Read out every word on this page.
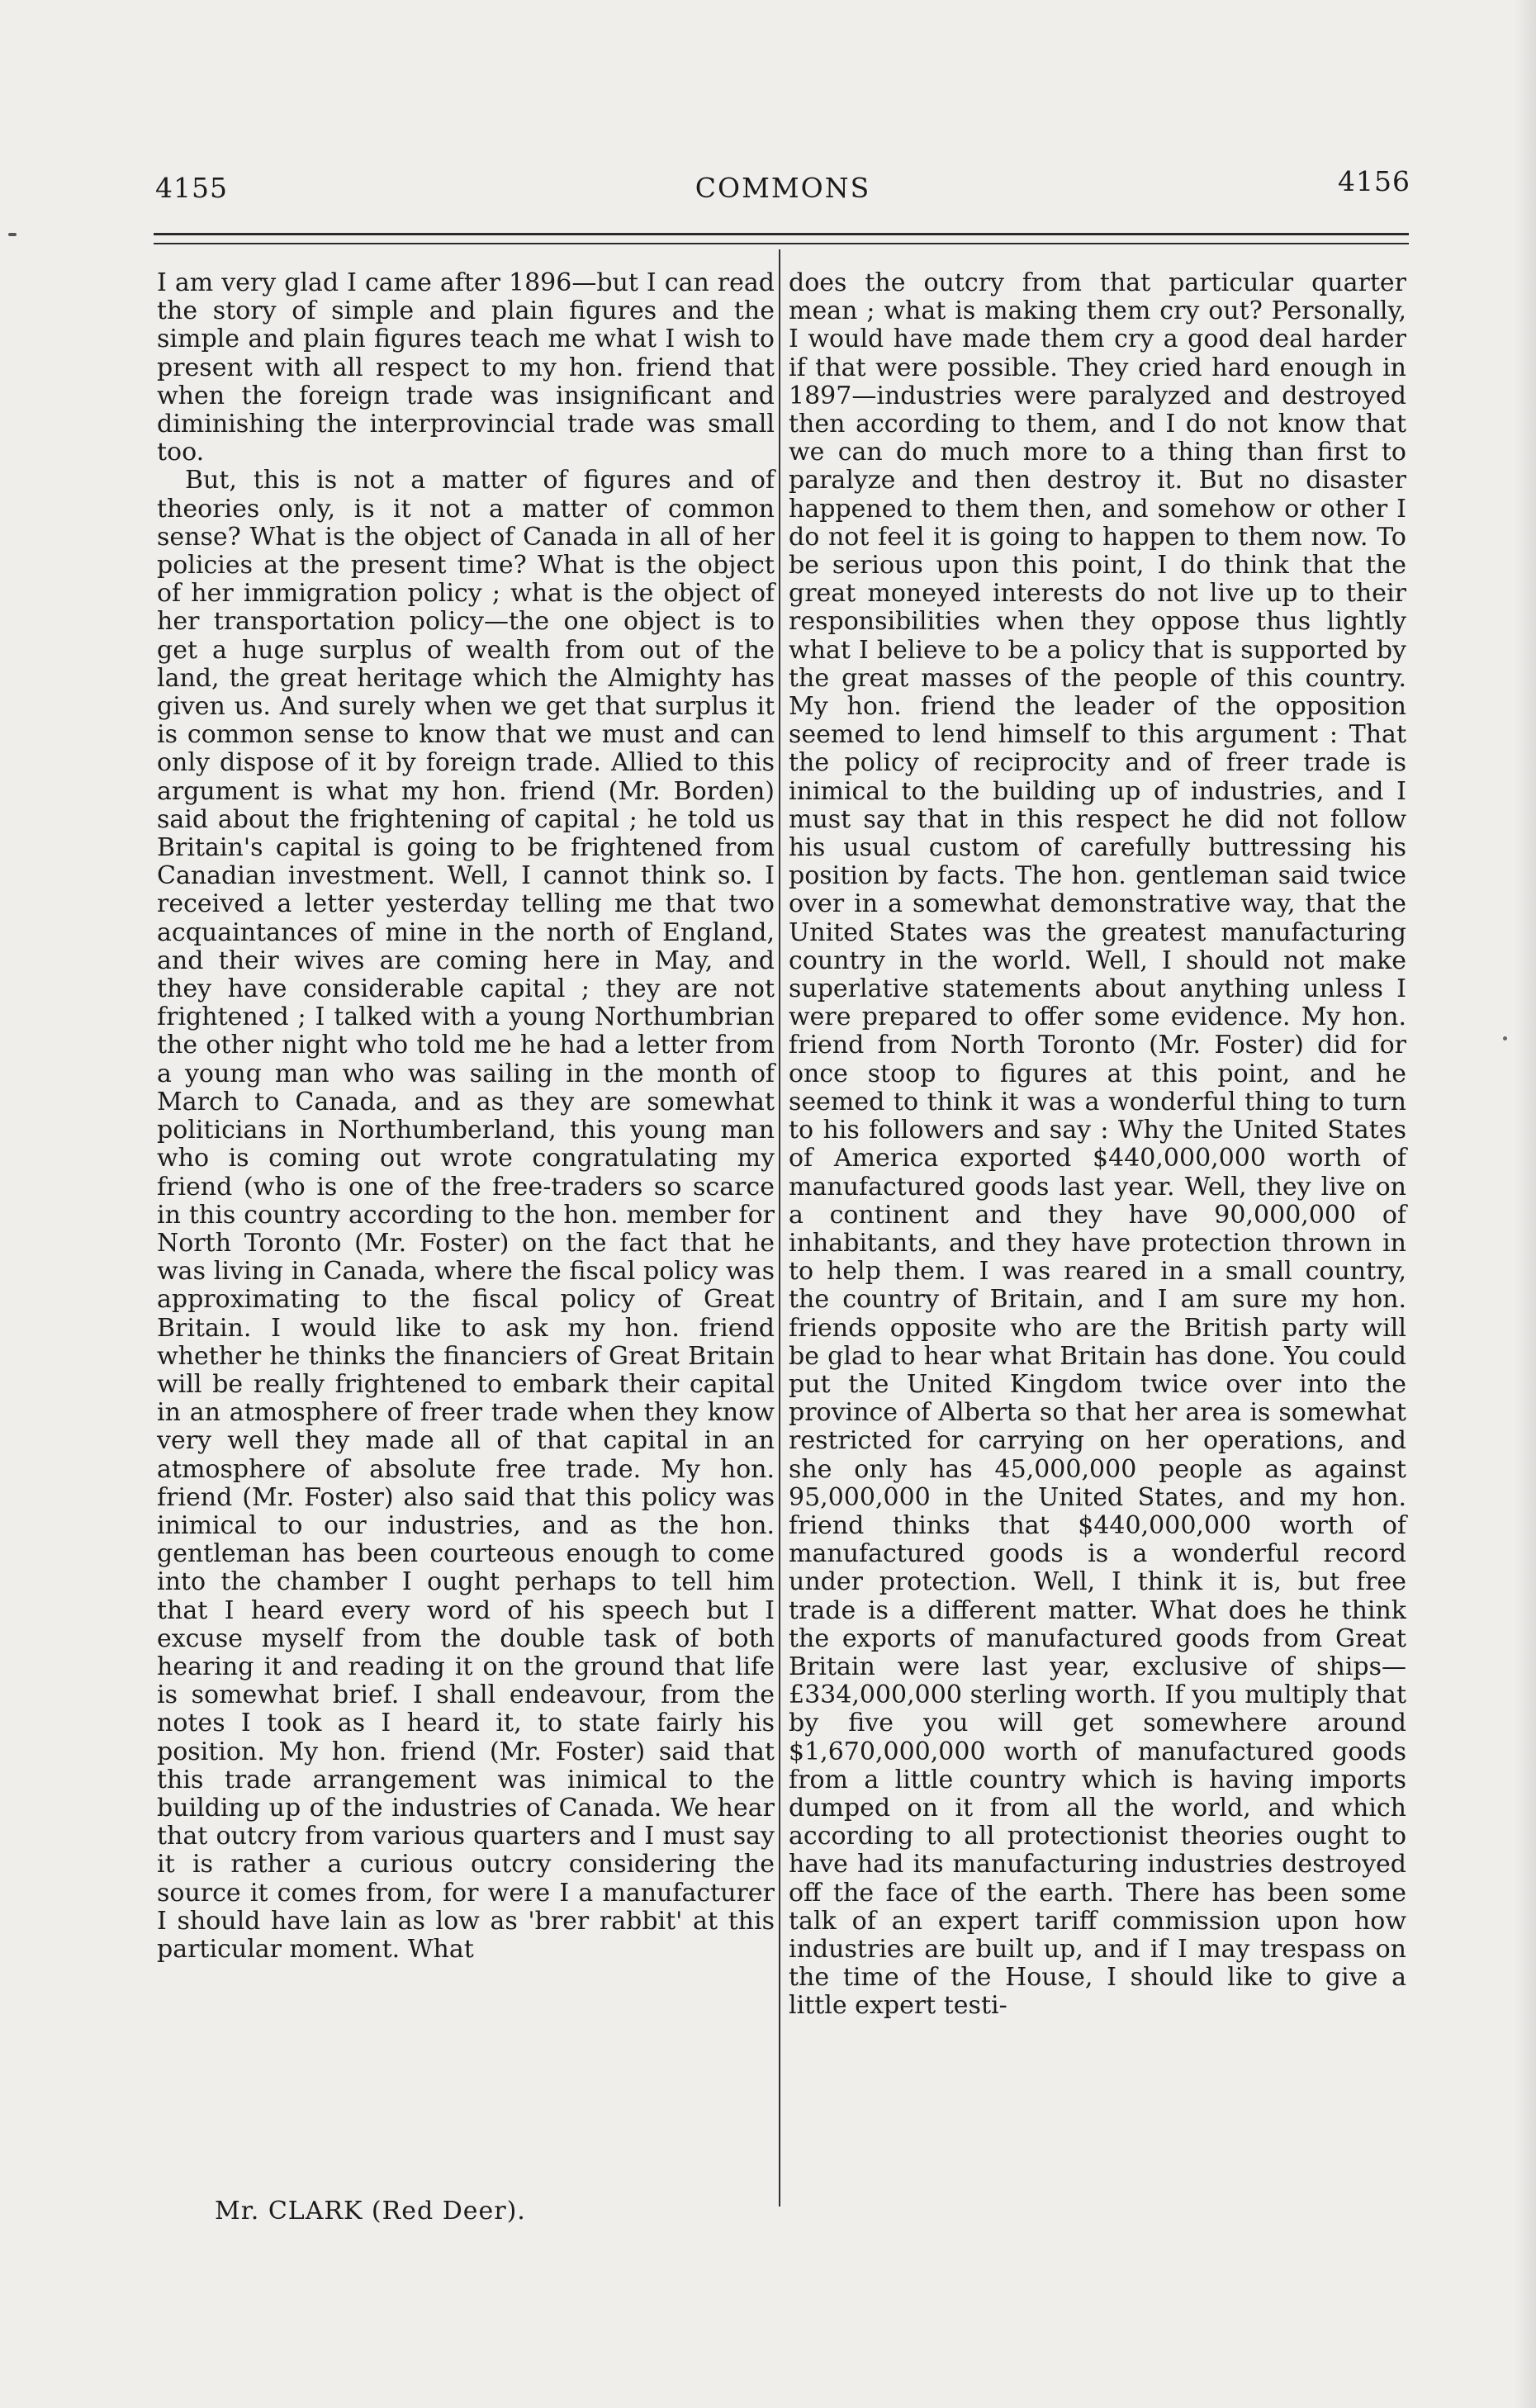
4155	COMMONS	4156

I am very glad I came after 1896—but I can read the story of simple and plain figures and the simple and plain figures teach me what I wish to present with all respect to my hon. friend that when the foreign trade was insignificant and diminishing the interprovincial trade was small too.

But, this is not a matter of figures and of theories only, is it not a matter of common sense? What is the object of Canada in all of her policies at the present time? What is the object of her immigration policy ; what is the object of her transportation policy—the one object is to get a huge surplus of wealth from out of the land, the great heritage which the Almighty has given us. And surely when we get that surplus it is common sense to know that we must and can only dispose of it by foreign trade. Allied to this argument is what my hon. friend (Mr. Borden) said about the frightening of capital ; he told us Britain's capital is going to be frightened from Canadian investment. Well, I cannot think so. I received a letter yesterday telling me that two acquaintances of mine in the north of England, and their wives are coming here in May, and they have considerable capital ; they are not frightened ; I talked with a young Northumbrian the other night who told me he had a letter from a young man who was sailing in the month of March to Canada, and as they are somewhat politicians in Northumberland, this young man who is coming out wrote congratulating my friend (who is one of the free-traders so scarce in this country according to the hon. member for North Toronto (Mr. Foster) on the fact that he was living in Canada, where the fiscal policy was approximating to the fiscal policy of Great Britain. I would like to ask my hon. friend whether he thinks the financiers of Great Britain will be really frightened to embark their capital in an atmosphere of freer trade when they know very well they made all of that capital in an atmosphere of absolute free trade. My hon. friend (Mr. Foster) also said that this policy was inimical to our industries, and as the hon. gentleman has been courteous enough to come into the chamber I ought perhaps to tell him that I heard every word of his speech but I excuse myself from the double task of both hearing it and reading it on the ground that life is somewhat brief. I shall endeavour, from the notes I took as I heard it, to state fairly his position. My hon. friend (Mr. Foster) said that this trade arrangement was inimical to the building up of the industries of Canada. We hear that outcry from various quarters and I must say it is rather a curious outcry considering the source it comes from, for were I a manufacturer I should have lain as low as 'brer rabbit' at this particular moment. What

Mr. CLARK (Red Deer).

does the outcry from that particular quarter mean ; what is making them cry out? Personally, I would have made them cry a good deal harder if that were possible. They cried hard enough in 1897—industries were paralyzed and destroyed then according to them, and I do not know that we can do much more to a thing than first to paralyze and then destroy it. But no disaster happened to them then, and somehow or other I do not feel it is going to happen to them now. To be serious upon this point, I do think that the great moneyed interests do not live up to their responsibilities when they oppose thus lightly what I believe to be a policy that is supported by the great masses of the people of this country. My hon. friend the leader of the opposition seemed to lend himself to this argument : That the policy of reciprocity and of freer trade is inimical to the building up of industries, and I must say that in this respect he did not follow his usual custom of carefully buttressing his position by facts. The hon. gentleman said twice over in a somewhat demonstrative way, that the United States was the greatest manufacturing country in the world. Well, I should not make superlative statements about anything unless I were prepared to offer some evidence. My hon. friend from North Toronto (Mr. Foster) did for once stoop to figures at this point, and he seemed to think it was a wonderful thing to turn to his followers and say : Why the United States of America exported $440,000,000 worth of manufactured goods last year. Well, they live on a continent and they have 90,000,000 of inhabitants, and they have protection thrown in to help them. I was reared in a small country, the country of Britain, and I am sure my hon. friends opposite who are the British party will be glad to hear what Britain has done. You could put the United Kingdom twice over into the province of Alberta so that her area is somewhat restricted for carrying on her operations, and she only has 45,000,000 people as against 95,000,000 in the United States, and my hon. friend thinks that $440,000,000 worth of manufactured goods is a wonderful record under protection. Well, I think it is, but free trade is a different matter. What does he think the exports of manufactured goods from Great Britain were last year, exclusive of ships—£334,000,000 sterling worth. If you multiply that by five you will get somewhere around $1,670,000,000 worth of manufactured goods from a little country which is having imports dumped on it from all the world, and which according to all protectionist theories ought to have had its manufacturing industries destroyed off the face of the earth. There has been some talk of an expert tariff commission upon how industries are built up, and if I may trespass on the time of the House, I should like to give a little expert testi-
